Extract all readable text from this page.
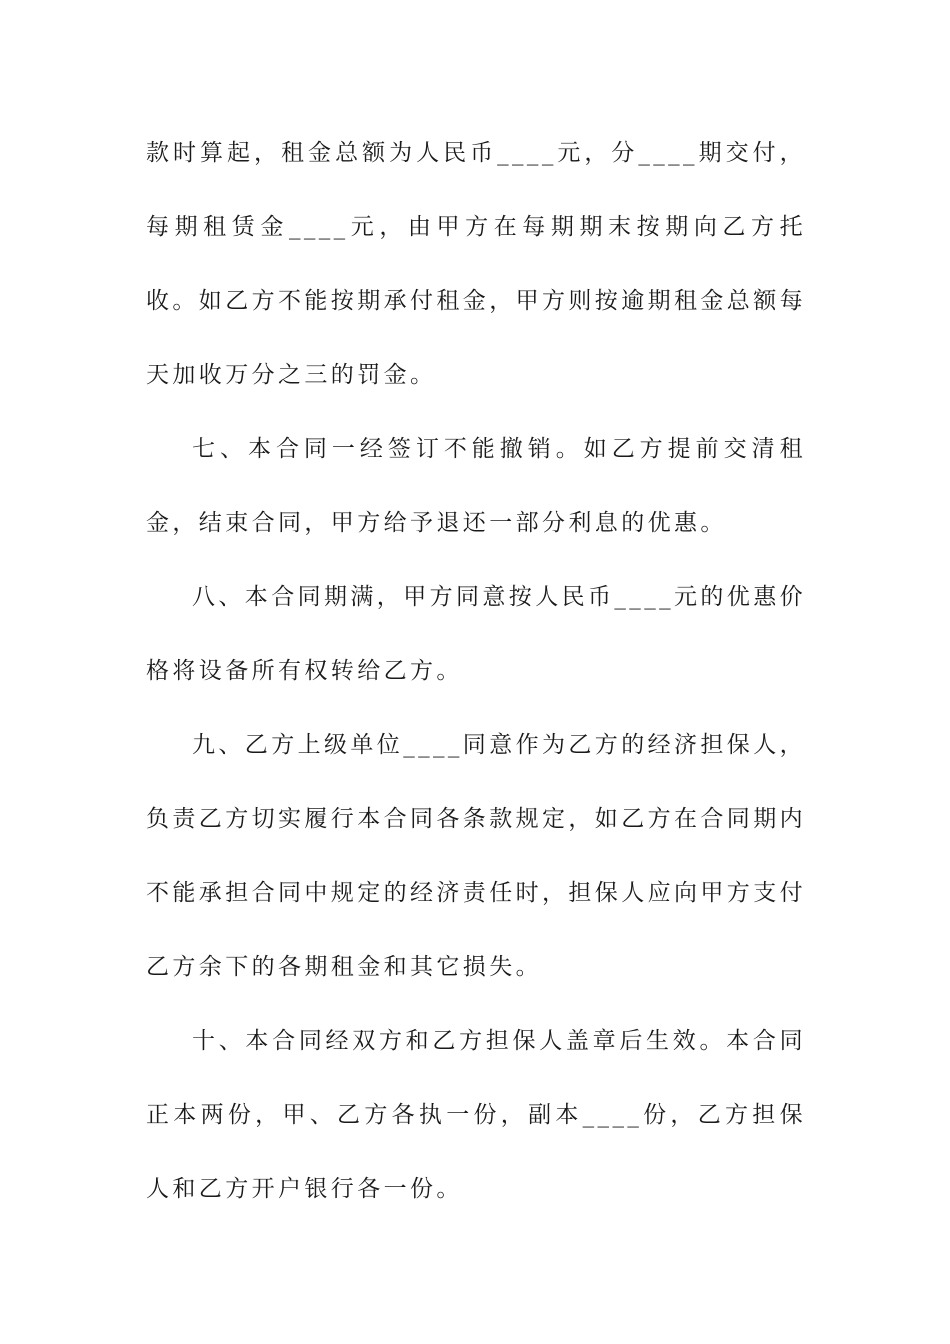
款时算起，租金总额为人民币____元，分____期交付，每期租赁金____元，由甲方在每期期末按期向乙方托收。如乙方不能按期承付租金，甲方则按逾期租金总额每天加收万分之三的罚金。

七、本合同一经签订不能撤销。如乙方提前交清租金，结束合同，甲方给予退还一部分利息的优惠。

八、本合同期满，甲方同意按人民币____元的优惠价格将设备所有权转给乙方。

九、乙方上级单位____同意作为乙方的经济担保人，负责乙方切实履行本合同各条款规定，如乙方在合同期内不能承担合同中规定的经济责任时，担保人应向甲方支付乙方余下的各期租金和其它损失。

十、本合同经双方和乙方担保人盖章后生效。本合同正本两份，甲、乙方各执一份，副本____份，乙方担保人和乙方开户银行各一份。
